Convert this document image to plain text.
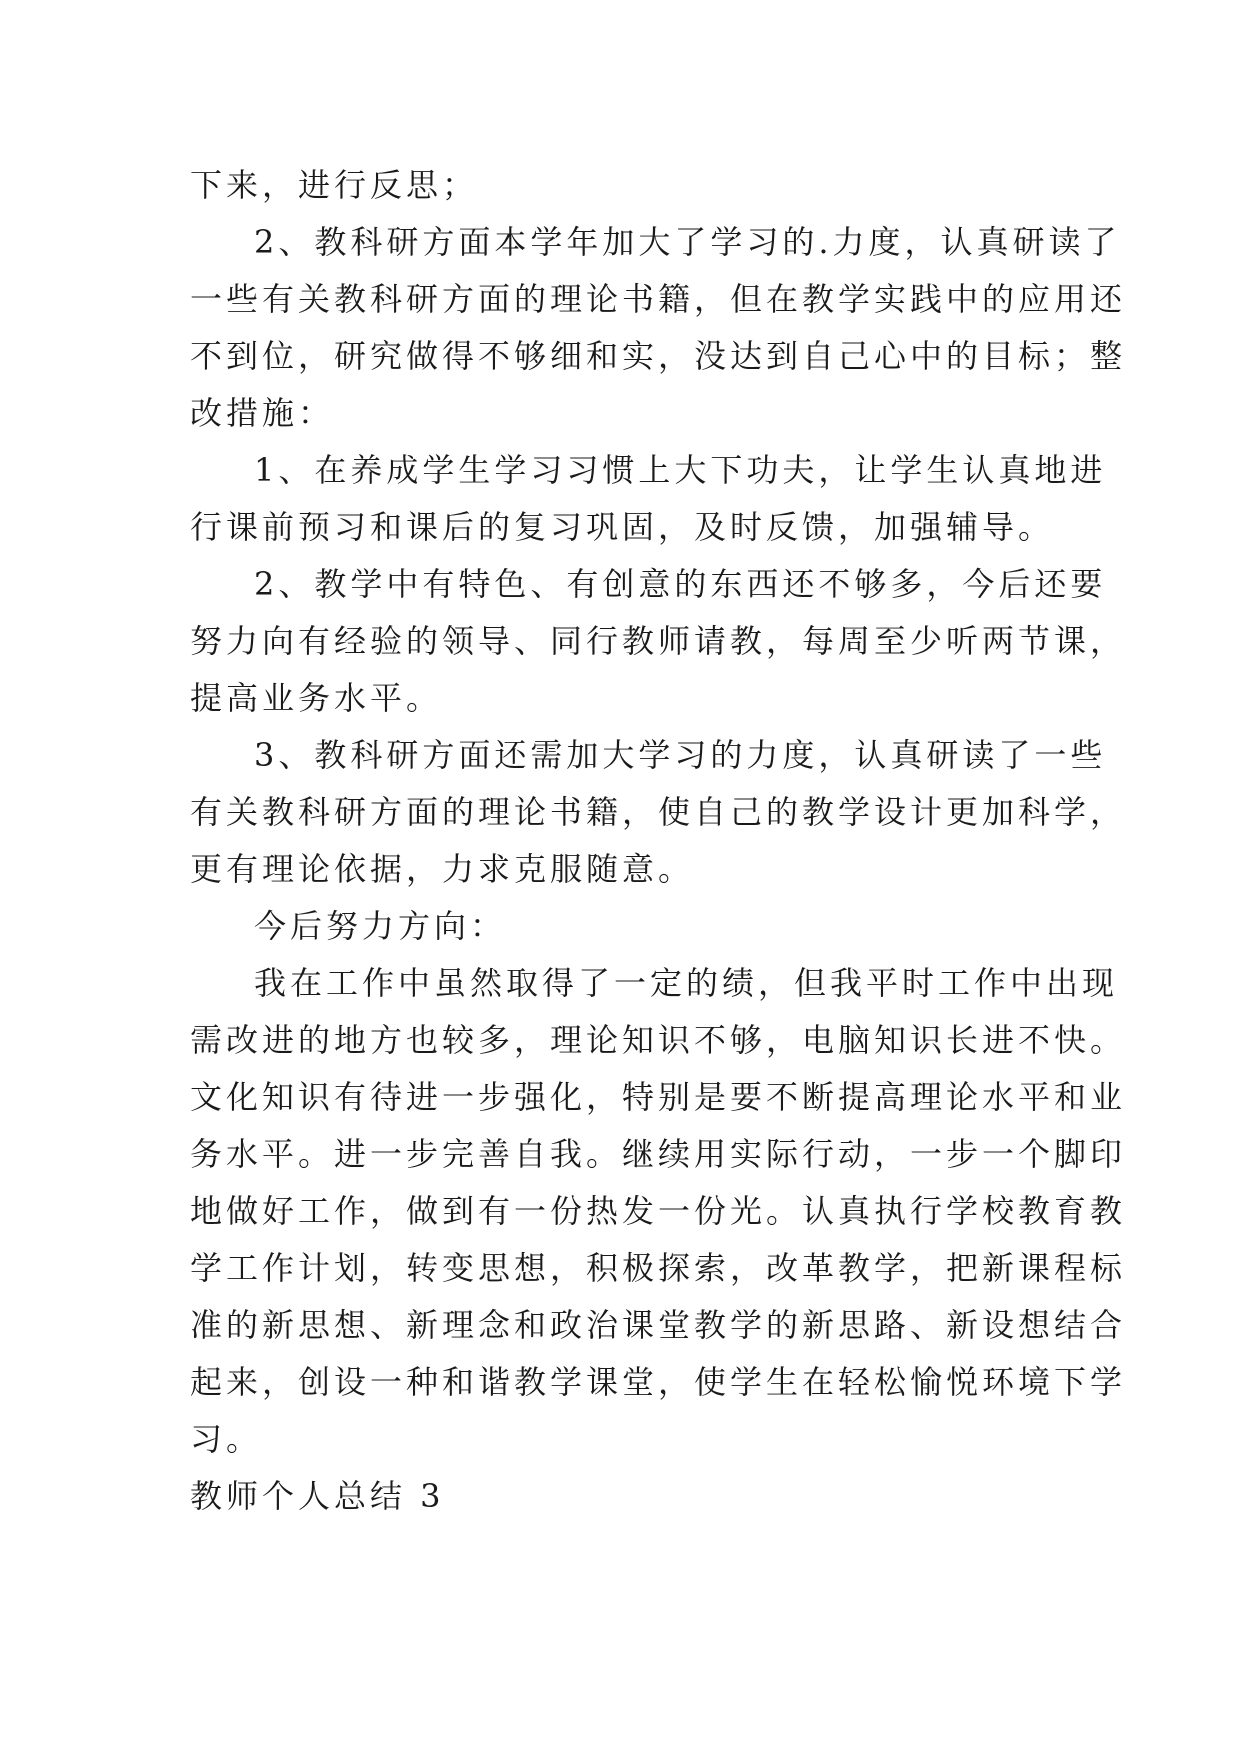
下来，进行反思；
2、教科研方面本学年加大了学习的.力度，认真研读了
一些有关教科研方面的理论书籍，但在教学实践中的应用还
不到位，研究做得不够细和实，没达到自己心中的目标；整
改措施：
1、在养成学生学习习惯上大下功夫，让学生认真地进
行课前预习和课后的复习巩固，及时反馈，加强辅导。
2、教学中有特色、有创意的东西还不够多，今后还要
努力向有经验的领导、同行教师请教，每周至少听两节课，
提高业务水平。
3、教科研方面还需加大学习的力度，认真研读了一些
有关教科研方面的理论书籍，使自己的教学设计更加科学，
更有理论依据，力求克服随意。
今后努力方向：
我在工作中虽然取得了一定的绩，但我平时工作中出现
需改进的地方也较多，理论知识不够，电脑知识长进不快。
文化知识有待进一步强化，特别是要不断提高理论水平和业
务水平。进一步完善自我。继续用实际行动，一步一个脚印
地做好工作，做到有一份热发一份光。认真执行学校教育教
学工作计划，转变思想，积极探索，改革教学，把新课程标
准的新思想、新理念和政治课堂教学的新思路、新设想结合
起来，创设一种和谐教学课堂，使学生在轻松愉悦环境下学
习。
教师个人总结 3
